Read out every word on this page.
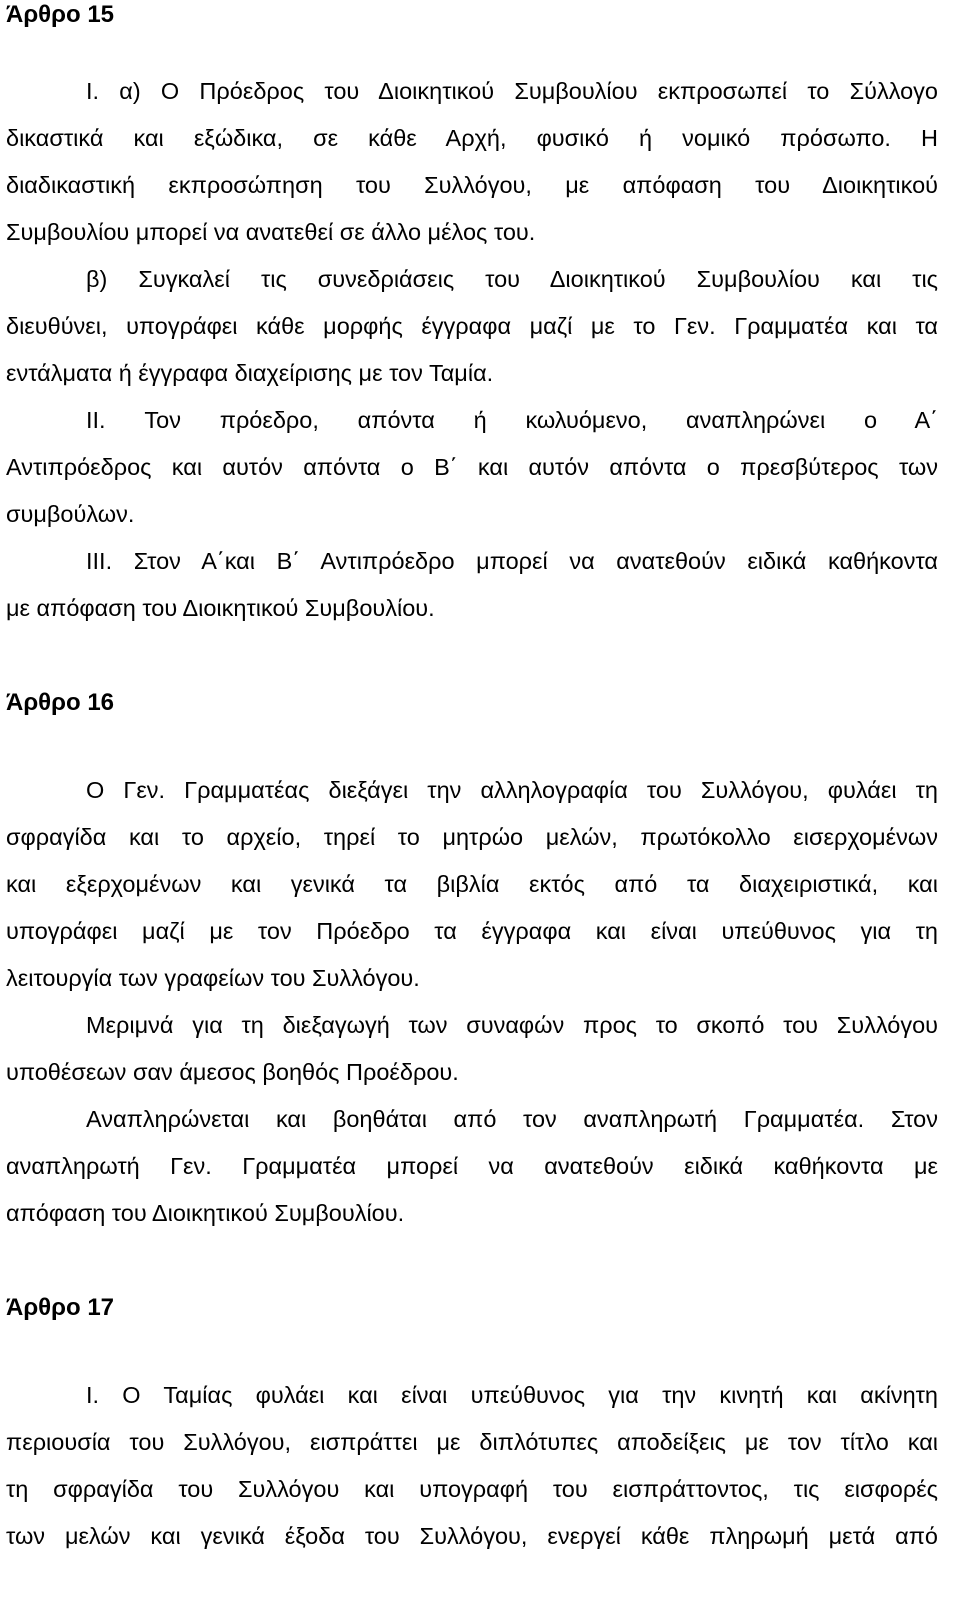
Άρθρο 15
I. α) Ο Πρόεδρος του Διοικητικού Συμβουλίου εκπροσωπεί το Σύλλογο
δικαστικά και εξώδικα, σε κάθε Αρχή, φυσικό ή νομικό πρόσωπο. Η
διαδικαστική εκπροσώπηση του Συλλόγου, με απόφαση του Διοικητικού
Συμβουλίου μπορεί να ανατεθεί σε άλλο μέλος του.
β) Συγκαλεί τις συνεδριάσεις του Διοικητικού Συμβουλίου και τις
διευθύνει, υπογράφει κάθε μορφής έγγραφα μαζί με το Γεν. Γραμματέα και τα
εντάλματα ή έγγραφα διαχείρισης με τον Ταμία.
II. Τον πρόεδρο, απόντα ή κωλυόμενο, αναπληρώνει ο Α΄
Αντιπρόεδρος και αυτόν απόντα ο Β΄ και αυτόν απόντα ο πρεσβύτερος των
συμβούλων.
III. Στον Α΄και Β΄ Αντιπρόεδρο μπορεί να ανατεθούν ειδικά καθήκοντα
με απόφαση του Διοικητικού Συμβουλίου.
Άρθρο 16
Ο Γεν. Γραμματέας διεξάγει την αλληλογραφία του Συλλόγου, φυλάει τη
σφραγίδα και το αρχείο, τηρεί το μητρώο μελών, πρωτόκολλο εισερχομένων
και εξερχομένων και γενικά τα βιβλία εκτός από τα διαχειριστικά, και
υπογράφει μαζί με τον Πρόεδρο τα έγγραφα και είναι υπεύθυνος για τη
λειτουργία των γραφείων του Συλλόγου.
Μεριμνά για τη διεξαγωγή των συναφών προς το σκοπό του Συλλόγου
υποθέσεων σαν άμεσος βοηθός Προέδρου.
Αναπληρώνεται και βοηθάται από τον αναπληρωτή Γραμματέα. Στον
αναπληρωτή Γεν. Γραμματέα μπορεί να ανατεθούν ειδικά καθήκοντα με
απόφαση του Διοικητικού Συμβουλίου.
Άρθρο 17
I. Ο Ταμίας φυλάει και είναι υπεύθυνος για την κινητή και ακίνητη
περιουσία του Συλλόγου, εισπράττει με διπλότυπες αποδείξεις με τον τίτλο και
τη σφραγίδα του Συλλόγου και υπογραφή του εισπράττοντος, τις εισφορές
των μελών και γενικά έξοδα του Συλλόγου, ενεργεί κάθε πληρωμή μετά από
